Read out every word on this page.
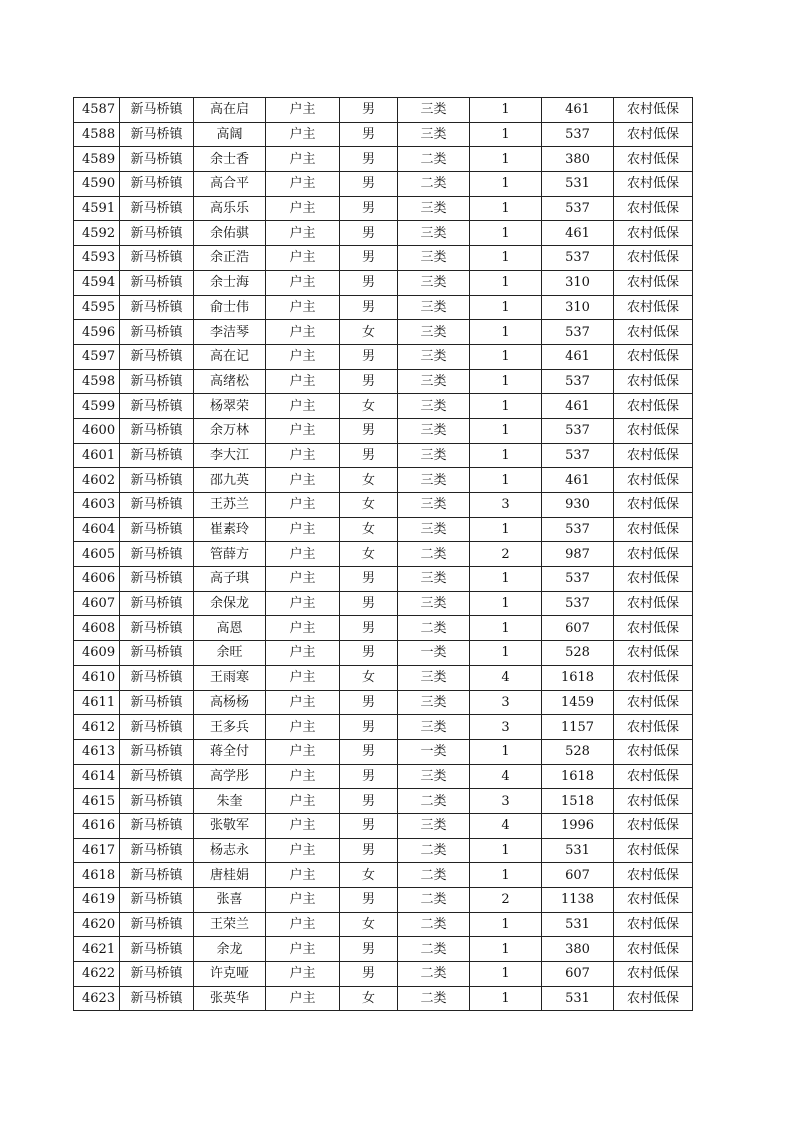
4587	新马桥镇	高在启	户主	男	三类	1	461	农村低保
4588	新马桥镇	高阔	户主	男	三类	1	537	农村低保
4589	新马桥镇	余士香	户主	男	二类	1	380	农村低保
4590	新马桥镇	高合平	户主	男	二类	1	531	农村低保
4591	新马桥镇	高乐乐	户主	男	三类	1	537	农村低保
4592	新马桥镇	余佑骐	户主	男	三类	1	461	农村低保
4593	新马桥镇	余正浩	户主	男	三类	1	537	农村低保
4594	新马桥镇	余士海	户主	男	三类	1	310	农村低保
4595	新马桥镇	俞士伟	户主	男	三类	1	310	农村低保
4596	新马桥镇	李洁琴	户主	女	三类	1	537	农村低保
4597	新马桥镇	高在记	户主	男	三类	1	461	农村低保
4598	新马桥镇	高绪松	户主	男	三类	1	537	农村低保
4599	新马桥镇	杨翠荣	户主	女	三类	1	461	农村低保
4600	新马桥镇	余万林	户主	男	三类	1	537	农村低保
4601	新马桥镇	李大江	户主	男	三类	1	537	农村低保
4602	新马桥镇	邵九英	户主	女	三类	1	461	农村低保
4603	新马桥镇	王苏兰	户主	女	三类	3	930	农村低保
4604	新马桥镇	崔素玲	户主	女	三类	1	537	农村低保
4605	新马桥镇	管薛方	户主	女	二类	2	987	农村低保
4606	新马桥镇	高子琪	户主	男	三类	1	537	农村低保
4607	新马桥镇	余保龙	户主	男	三类	1	537	农村低保
4608	新马桥镇	高恩	户主	男	二类	1	607	农村低保
4609	新马桥镇	余旺	户主	男	一类	1	528	农村低保
4610	新马桥镇	王雨寒	户主	女	三类	4	1618	农村低保
4611	新马桥镇	高杨杨	户主	男	三类	3	1459	农村低保
4612	新马桥镇	王多兵	户主	男	三类	3	1157	农村低保
4613	新马桥镇	蒋全付	户主	男	一类	1	528	农村低保
4614	新马桥镇	高学彤	户主	男	三类	4	1618	农村低保
4615	新马桥镇	朱奎	户主	男	二类	3	1518	农村低保
4616	新马桥镇	张敬军	户主	男	三类	4	1996	农村低保
4617	新马桥镇	杨志永	户主	男	二类	1	531	农村低保
4618	新马桥镇	唐桂娟	户主	女	二类	1	607	农村低保
4619	新马桥镇	张喜	户主	男	二类	2	1138	农村低保
4620	新马桥镇	王荣兰	户主	女	二类	1	531	农村低保
4621	新马桥镇	余龙	户主	男	二类	1	380	农村低保
4622	新马桥镇	许克哑	户主	男	二类	1	607	农村低保
4623	新马桥镇	张英华	户主	女	二类	1	531	农村低保
